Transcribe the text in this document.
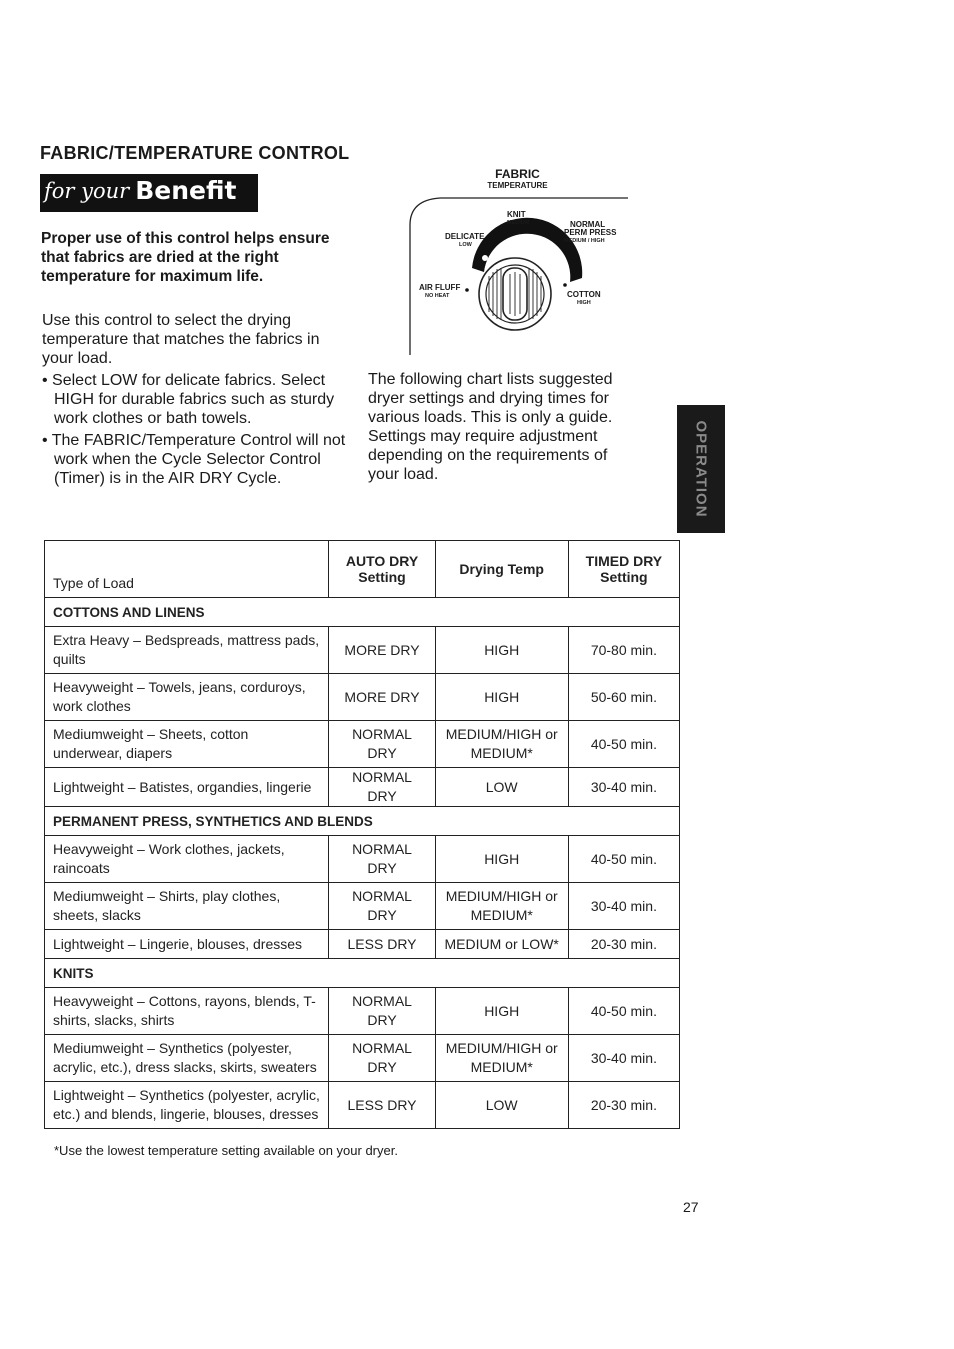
FABRIC/TEMPERATURE CONTROL
for your Benefit
Proper use of this control helps ensure that fabrics are dried at the right temperature for maximum life.
Use this control to select the drying temperature that matches the fabrics in your load.
• Select LOW for delicate fabrics. Select HIGH for durable fabrics such as sturdy work clothes or bath towels.
• The FABRIC/Temperature Control will not work when the Cycle Selector Control (Timer) is in the AIR DRY Cycle.
The following chart lists suggested dryer settings and drying times for various loads. This is only a guide. Settings may require adjustment depending on the requirements of your load.
FABRIC
TEMPERATURE
KNIT
MEDIUM
DELICATE
LOW
NORMAL
PERM PRESS
MEDIUM / HIGH
AIR FLUFF
NO HEAT	COTTON
HIGH
OPERATION
Type of Load	AUTO DRY Setting	Drying Temp	TIMED DRY Setting
COTTONS AND LINENS			
Extra Heavy – Bedspreads, mattress pads, quilts	MORE DRY	HIGH	70-80 min.
Heavyweight – Towels, jeans, corduroys, work clothes	MORE DRY	HIGH	50-60 min.
Mediumweight – Sheets, cotton underwear, diapers	NORMAL DRY	MEDIUM/HIGH or MEDIUM*	40-50 min.
Lightweight – Batistes, organdies, lingerie	NORMAL DRY	LOW	30-40 min.
PERMANENT PRESS, SYNTHETICS AND BLENDS			
Heavyweight – Work clothes, jackets, raincoats	NORMAL DRY	HIGH	40-50 min.
Mediumweight – Shirts, play clothes, sheets, slacks	NORMAL DRY	MEDIUM/HIGH or MEDIUM*	30-40 min.
Lightweight – Lingerie, blouses, dresses	LESS DRY	MEDIUM or LOW*	20-30 min.
KNITS			
Heavyweight – Cottons, rayons, blends, T-shirts, slacks, shirts	NORMAL DRY	HIGH	40-50 min.
Mediumweight – Synthetics (polyester, acrylic, etc.), dress slacks, skirts, sweaters	NORMAL DRY	MEDIUM/HIGH or MEDIUM*	30-40 min.
Lightweight – Synthetics (polyester, acrylic, etc.) and blends, lingerie, blouses, dresses	LESS DRY	LOW	20-30 min.
*Use the lowest temperature setting available on your dryer.
27
